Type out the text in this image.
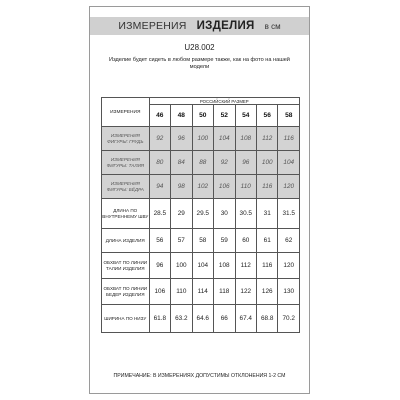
ИЗМЕРЕНИЯ ИЗДЕЛИЯ в см
U28.002
Изделие будет сидеть в любом размере также, как на фото на нашей модели
ИЗМЕРЕНИЯ	РОССИЙСКИЙ РАЗМЕР						
	46	48	50	52	54	56	58
ИЗМЕРЕНИЯ ФИГУРЫ: ГРУДЬ	92	96	100	104	108	112	116
ИЗМЕРЕНИЯ ФИГУРЫ: ТАЛИЯ	80	84	88	92	96	100	104
ИЗМЕРЕНИЯ ФИГУРЫ: БЁДРА	94	98	102	106	110	116	120
ДЛИНА ПО ВНУТРЕННЕМУ ШВУ	28.5	29	29.5	30	30.5	31	31.5
ДЛИНА ИЗДЕЛИЯ	56	57	58	59	60	61	62
ОБХВАТ ПО ЛИНИИ ТАЛИИ ИЗДЕЛИЯ	96	100	104	108	112	116	120
ОБХВАТ ПО ЛИНИИ БЕДЕР ИЗДЕЛИЯ	106	110	114	118	122	126	130
ШИРИНА ПО НИЗУ	61.8	63.2	64.6	66	67.4	68.8	70.2
ПРИМЕЧАНИЕ: В ИЗМЕРЕНИЯХ ДОПУСТИМЫ ОТКЛОНЕНИЯ 1-2 СМ
